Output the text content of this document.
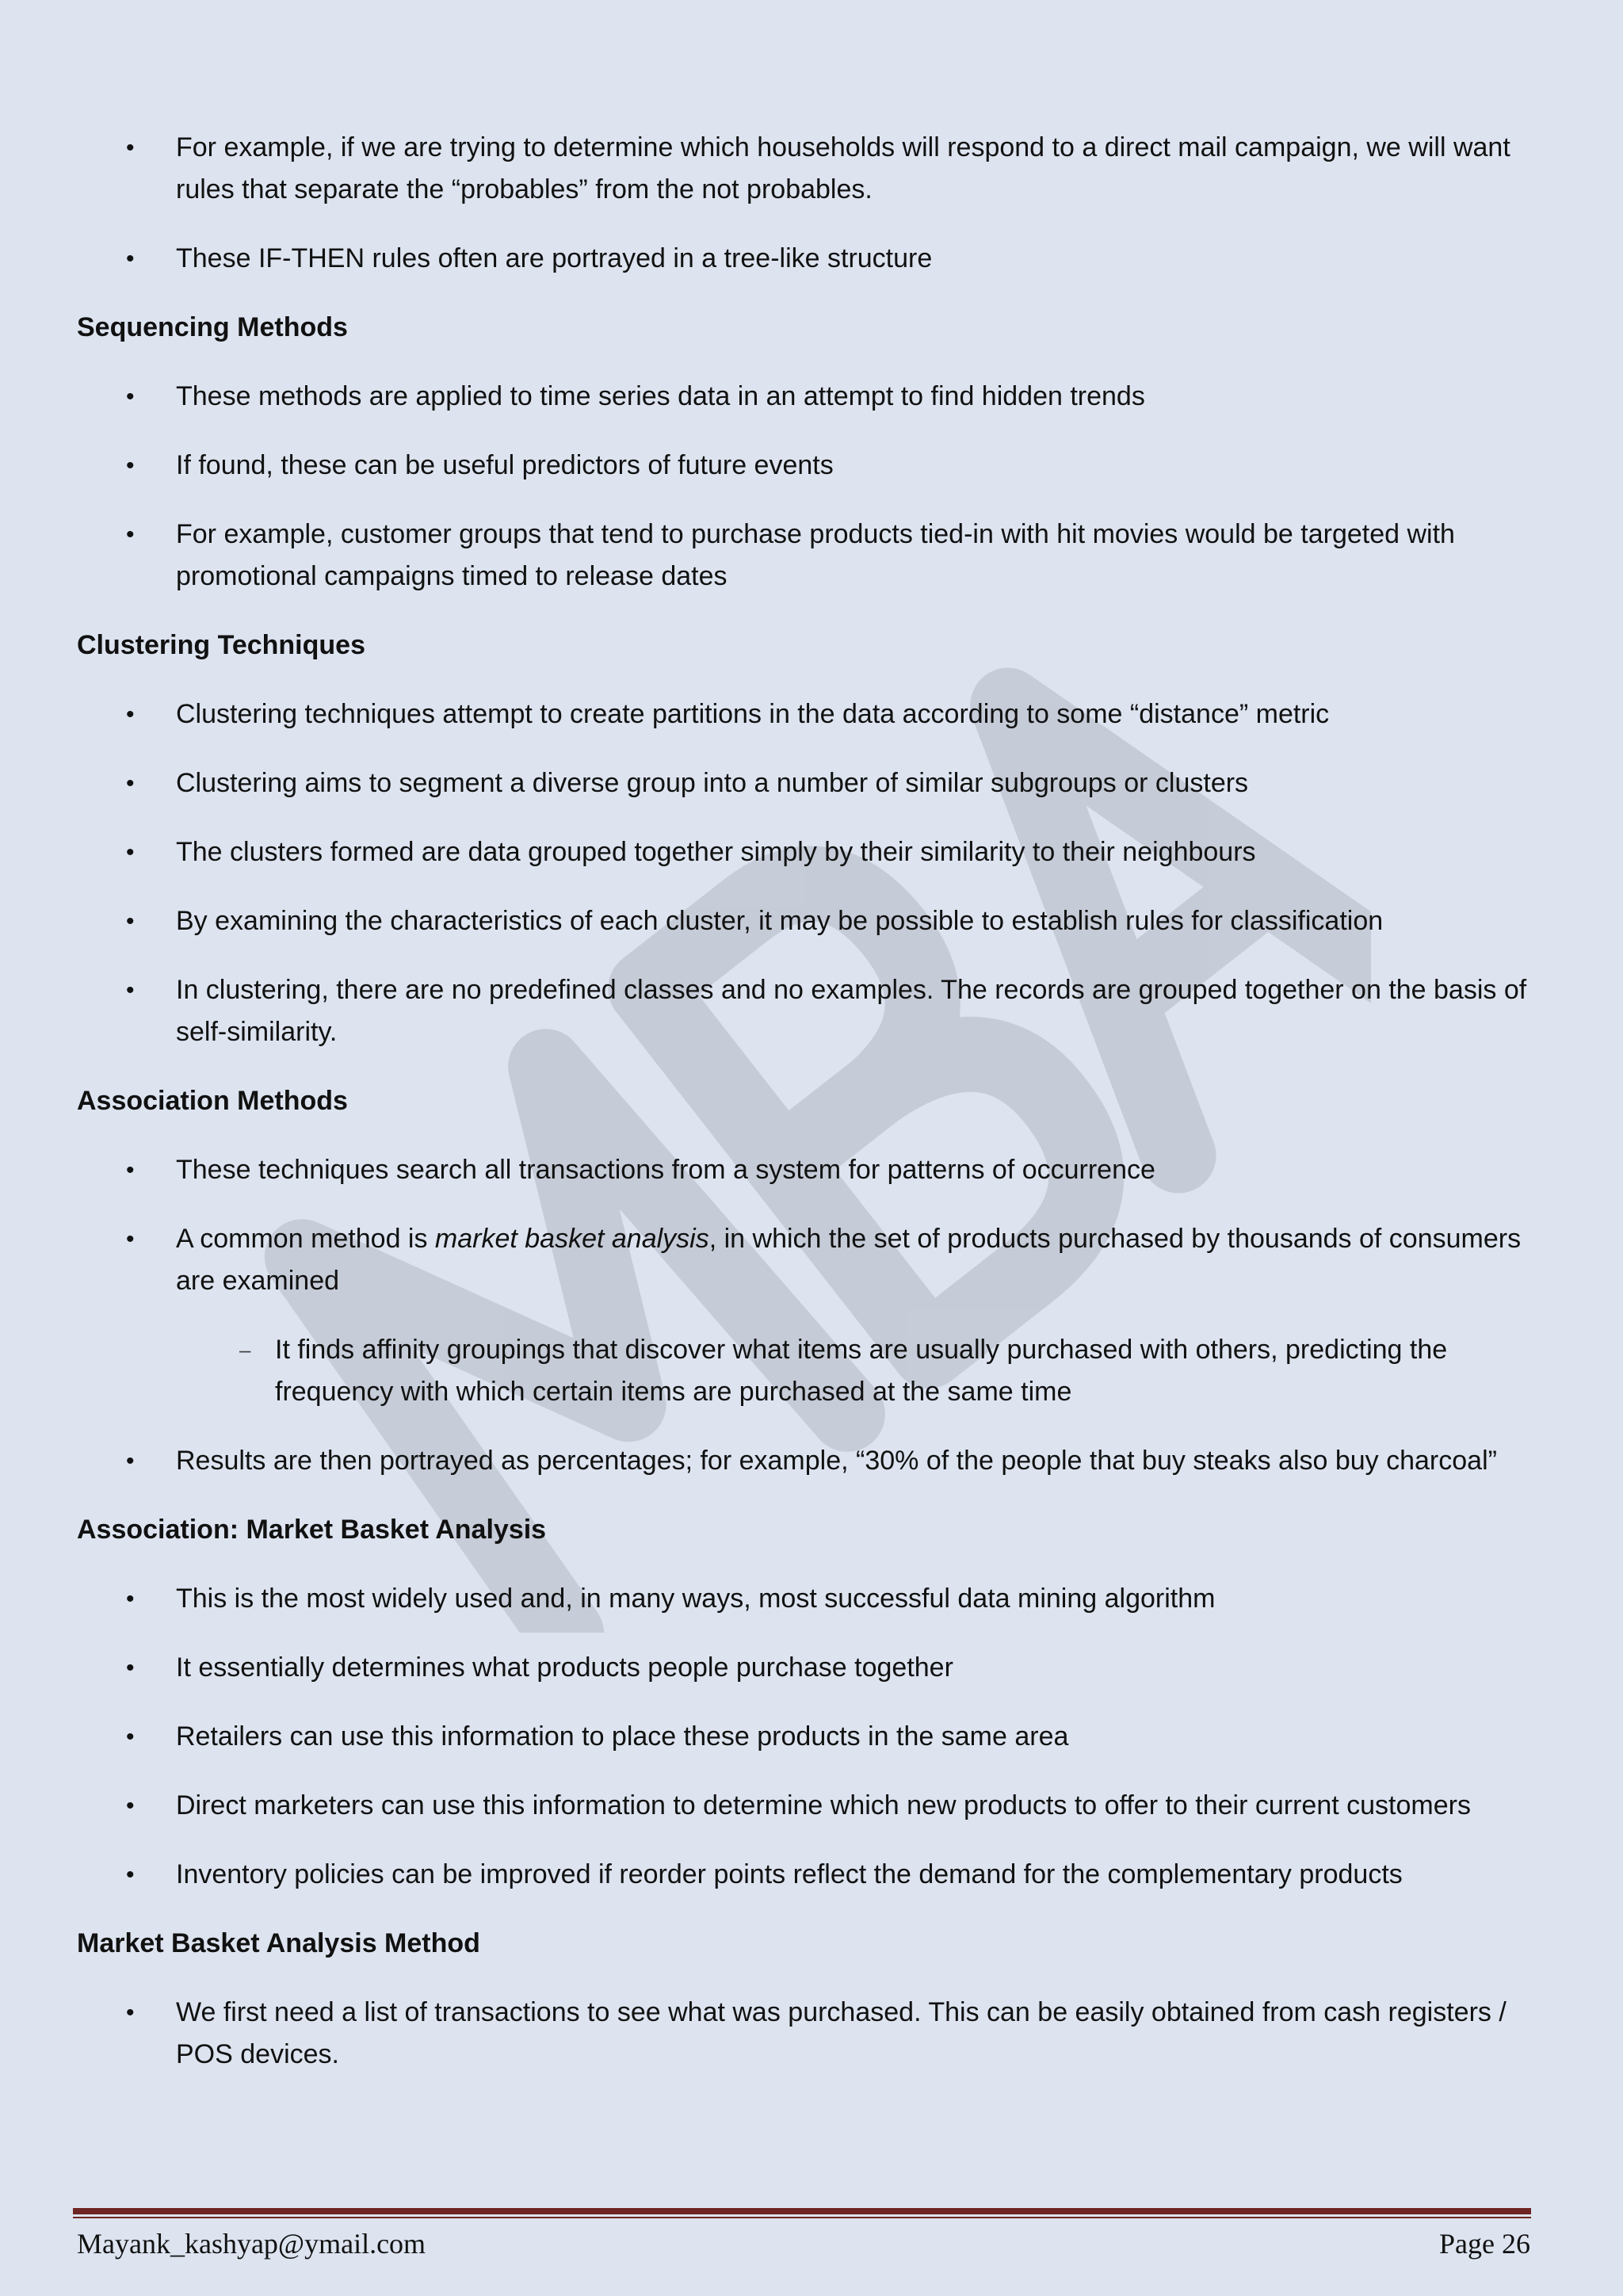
• For example, if we are trying to determine which households will respond to a direct mail campaign, we will want rules that separate the “probables” from the not probables.
• These IF-THEN rules often are portrayed in a tree-like structure
Sequencing Methods
• These methods are applied to time series data in an attempt to find hidden trends
• If found, these can be useful predictors of future events
• For example, customer groups that tend to purchase products tied-in with hit movies would be targeted with promotional campaigns timed to release dates
Clustering Techniques
• Clustering techniques attempt to create partitions in the data according to some “distance” metric
• Clustering aims to segment a diverse group into a number of similar subgroups or clusters
• The clusters formed are data grouped together simply by their similarity to their neighbours
• By examining the characteristics of each cluster, it may be possible to establish rules for classification
• In clustering, there are no predefined classes and no examples. The records are grouped together on the basis of self-similarity.
Association Methods
• These techniques search all transactions from a system for patterns of occurrence
• A common method is market basket analysis, in which the set of products purchased by thousands of consumers are examined
– It finds affinity groupings that discover what items are usually purchased with others, predicting the frequency with which certain items are purchased at the same time
• Results are then portrayed as percentages; for example, “30% of the people that buy steaks also buy charcoal”
Association: Market Basket Analysis
• This is the most widely used and, in many ways, most successful data mining algorithm
• It essentially determines what products people purchase together
• Retailers can use this information to place these products in the same area
• Direct marketers can use this information to determine which new products to offer to their current customers
• Inventory policies can be improved if reorder points reflect the demand for the complementary products
Market Basket Analysis Method
• We first need a list of transactions to see what was purchased. This can be easily obtained from cash registers / POS devices.
Mayank_kashyap@ymail.com	Page 26
